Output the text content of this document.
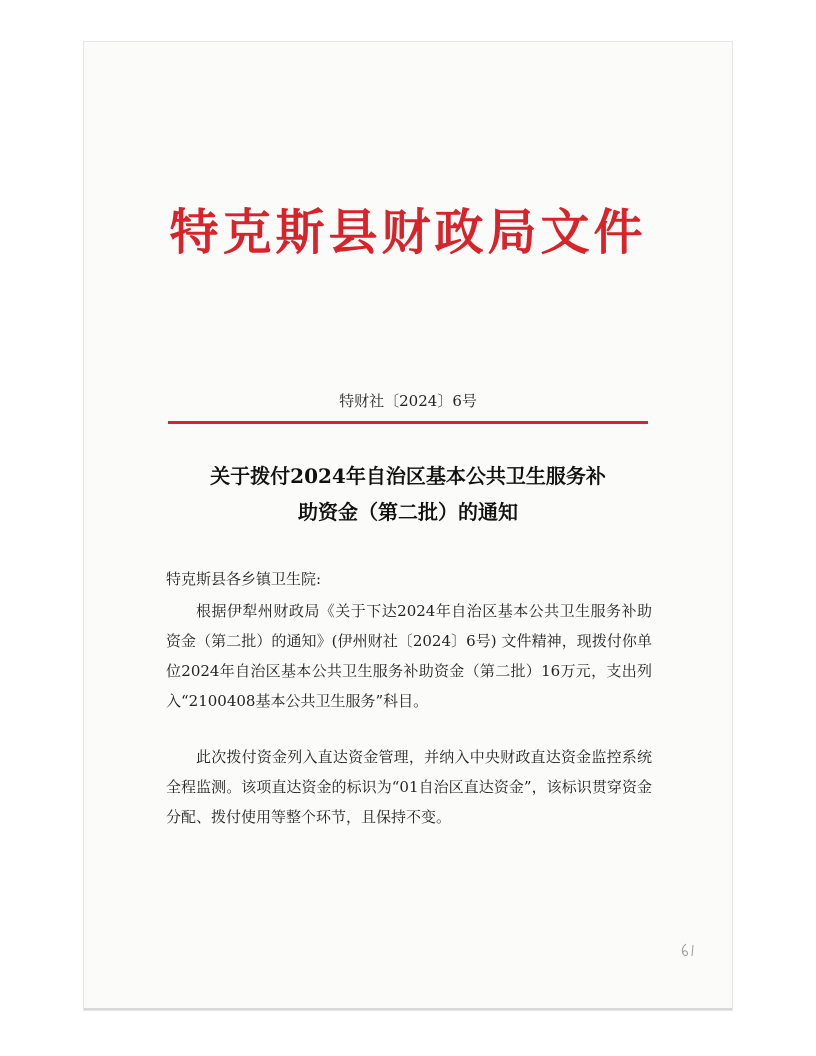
特克斯县财政局文件
特财社〔2024〕6号
关于拨付2024年自治区基本公共卫生服务补
助资金（第二批）的通知
特克斯县各乡镇卫生院:

根据伊犁州财政局《关于下达2024年自治区基本公共卫生服务补助资金（第二批）的通知》(伊州财社〔2024〕6号) 文件精神，现拨付你单位2024年自治区基本公共卫生服务补助资金（第二批）16万元，支出列入“2100408基本公共卫生服务”科目。

此次拨付资金列入直达资金管理，并纳入中央财政直达资金监控系统全程监测。该项直达资金的标识为“01自治区直达资金”，该标识贯穿资金分配、拨付使用等整个环节，且保持不变。
